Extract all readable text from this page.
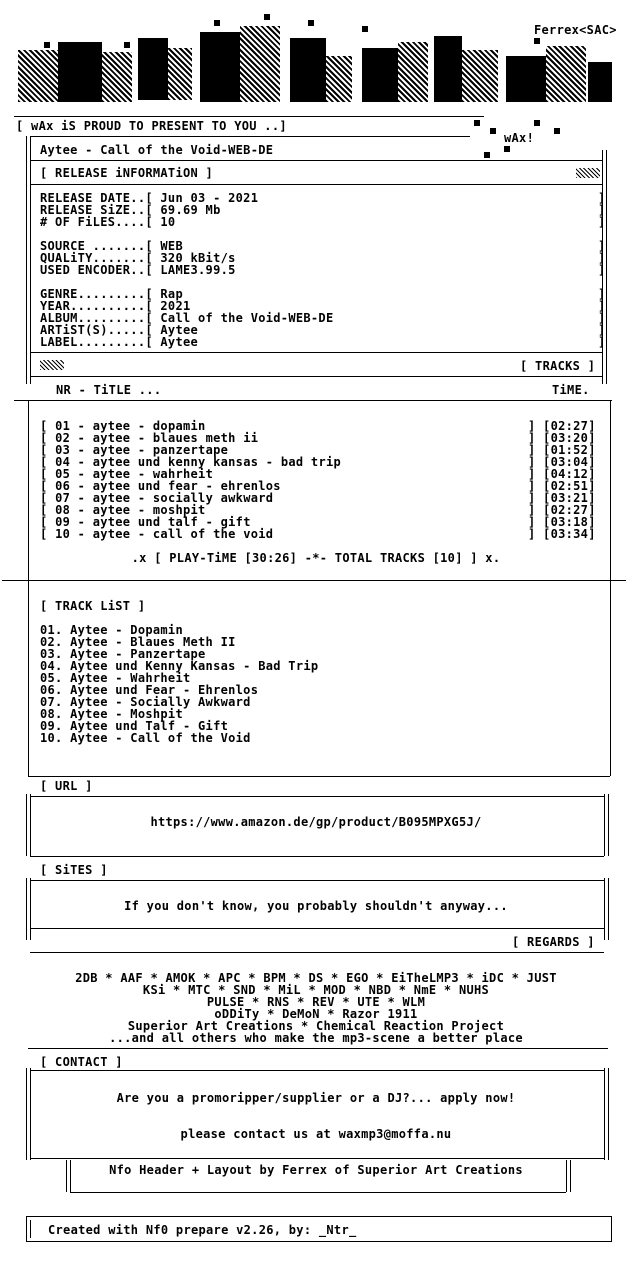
Ferrex<SAC>
[ wAx iS PROUD TO PRESENT TO YOU ..]
wAx!
Aytee - Call of the Void-WEB-DE
[ RELEASE iNFORMATiON ]
RELEASE DATE..[ Jun 03 - 2021
RELEASE SiZE..[ 69.69 Mb
# OF FiLES....[ 10
SOURCE .......[ WEB
QUALiTY.......[ 320 kBit/s
USED ENCODER..[ LAME3.99.5
GENRE.........[ Rap
YEAR..........[ 2021
ALBUM.........[ Call of the Void-WEB-DE
ARTiST(S).....[ Aytee
LABEL.........[ Aytee
]
]
]

]
]
]

]
]
]
]
]
[ TRACKS ]
NR - TiTLE ...	TiME.
[ 01 - aytee - dopamin
[ 02 - aytee - blaues meth ii
[ 03 - aytee - panzertape
[ 04 - aytee und kenny kansas - bad trip
[ 05 - aytee - wahrheit
[ 06 - aytee und fear - ehrenlos
[ 07 - aytee - socially awkward
[ 08 - aytee - moshpit
[ 09 - aytee und talf - gift
[ 10 - aytee - call of the void
] [02:27]
] [03:20]
] [01:52]
] [03:04]
] [04:12]
] [02:51]
] [03:21]
] [02:27]
] [03:18]
] [03:34]
.x [ PLAY-TiME [30:26] -*- TOTAL TRACKS [10] ] x.
[ TRACK LiST ]
01. Aytee - Dopamin
02. Aytee - Blaues Meth II
03. Aytee - Panzertape
04. Aytee und Kenny Kansas - Bad Trip
05. Aytee - Wahrheit
06. Aytee und Fear - Ehrenlos
07. Aytee - Socially Awkward
08. Aytee - Moshpit
09. Aytee und Talf - Gift
10. Aytee - Call of the Void
[ URL ]
https://www.amazon.de/gp/product/B095MPXG5J/
[ SiTES ]
If you don't know, you probably shouldn't anyway...
[ REGARDS ]
2DB * AAF * AMOK * APC * BPM * DS * EGO * EiTheLMP3 * iDC * JUST
KSi * MTC * SND * MiL * MOD * NBD * NmE * NUHS
PULSE * RNS * REV * UTE * WLM
oDDiTy * DeMoN * Razor 1911
Superior Art Creations * Chemical Reaction Project
...and all others who make the mp3-scene a better place
[ CONTACT ]
Are you a promoripper/supplier or a DJ?... apply now!
please contact us at waxmp3@moffa.nu
Nfo Header + Layout by Ferrex of Superior Art Creations
Created with Nf0 prepare v2.26, by: _Ntr_
